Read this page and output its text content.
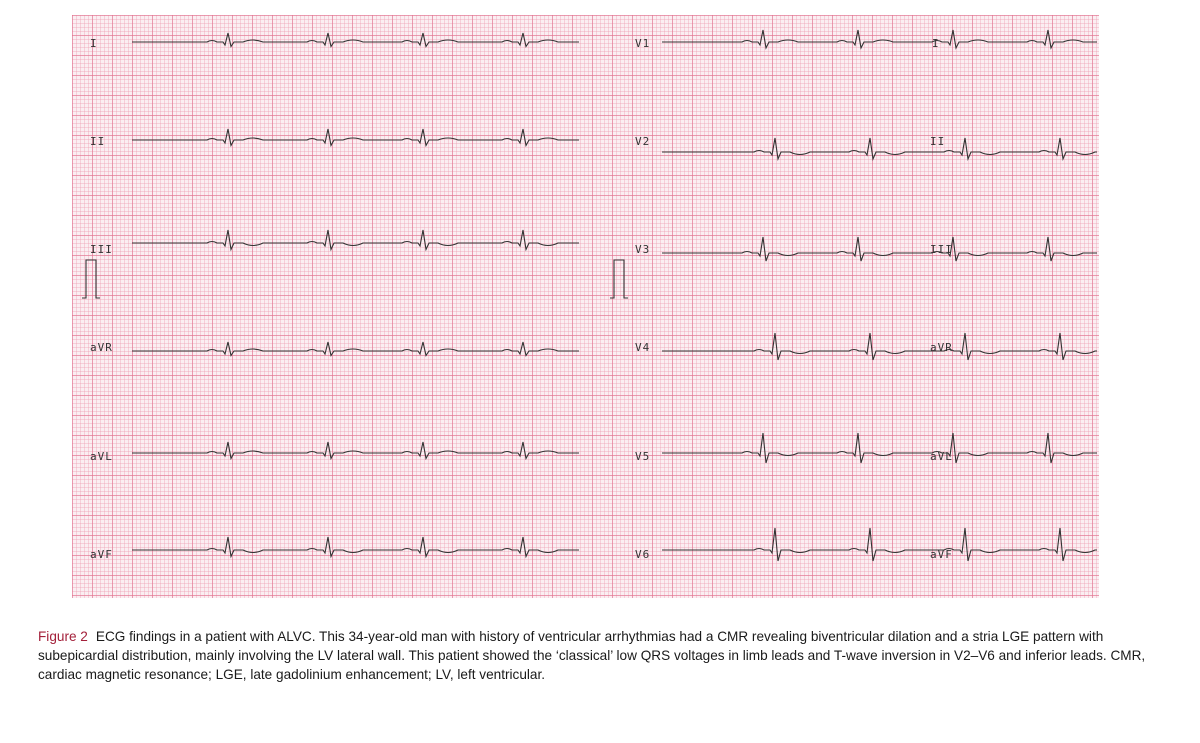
I
II
III
aVR
aVL
aVF
V1
V2
V3
V4
V5
V6
I
II
III
aVR
aVL
aVF
Figure 2 ECG findings in a patient with ALVC. This 34-year-old man with history of ventricular arrhythmias had a CMR revealing biventricular dilation and a stria LGE pattern with subepicardial distribution, mainly involving the LV lateral wall. This patient showed the ‘classical’ low QRS voltages in limb leads and T-wave inversion in V2–V6 and inferior leads. CMR, cardiac magnetic resonance; LGE, late gadolinium enhancement; LV, left ventricular.
